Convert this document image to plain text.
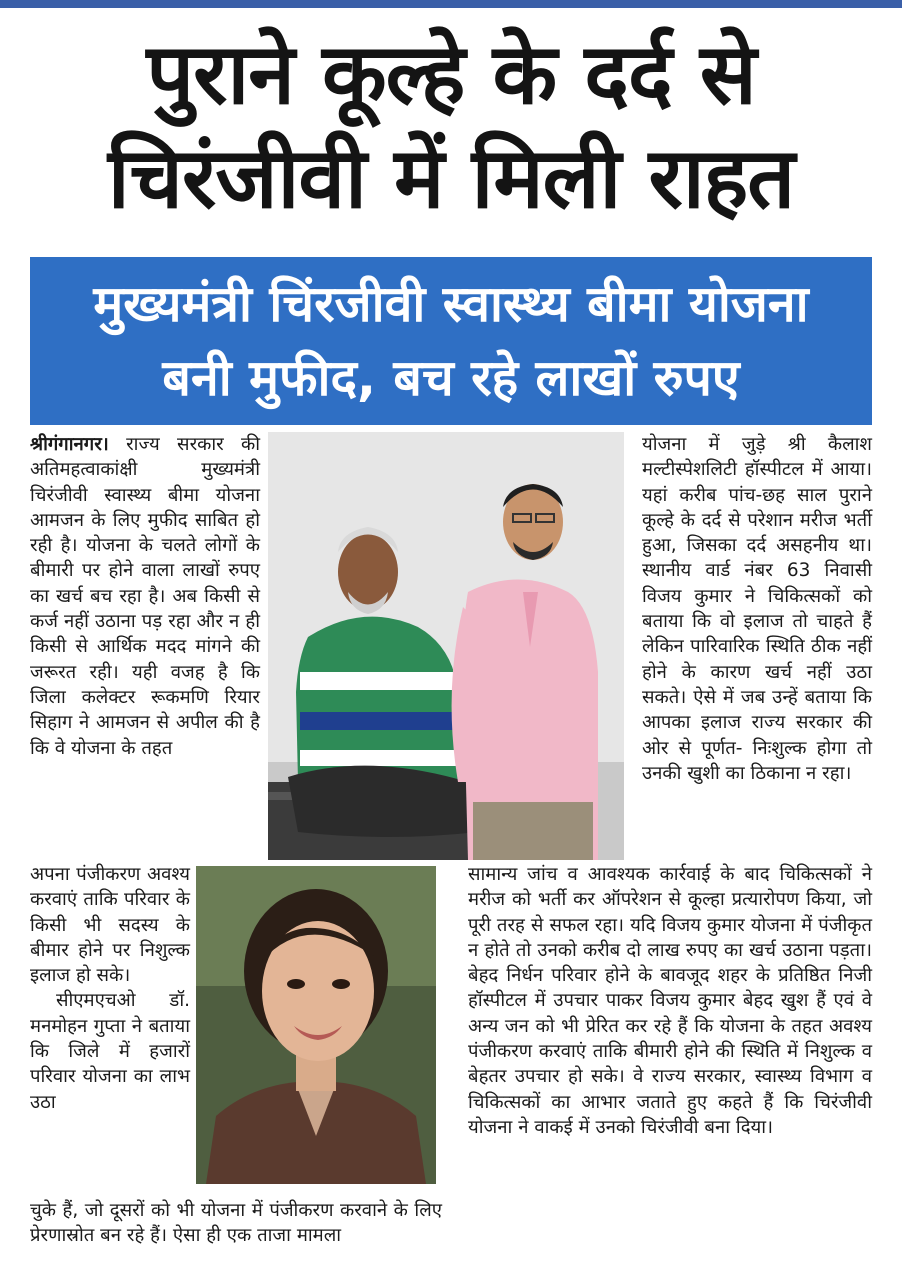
पुराने कूल्हे के दर्द से
चिरंजीवी में मिली राहत
मुख्यमंत्री चिंरजीवी स्वास्थ्य बीमा योजना
बनी मुफीद, बच रहे लाखों रुपए

श्रीगंगानगर। राज्य सरकार की अतिमहत्वाकांक्षी मुख्यमंत्री चिरंजीवी स्वास्थ्य बीमा योजना आमजन के लिए मुफीद साबित हो रही है। योजना के चलते लोगों के बीमारी पर होने वाला लाखों रुपए का खर्च बच रहा है। अब किसी से कर्ज नहीं उठाना पड़ रहा और न ही किसी से आर्थिक मदद मांगने की जरूरत रही। यही वजह है कि जिला कलेक्टर रूकमणि रियार सिहाग ने आमजन से अपील की है कि वे योजना के तहत

अपना पंजीकरण अवश्य करवाएं ताकि परिवार के किसी भी सदस्य के बीमार होने पर निशुल्क इलाज हो सके।

सीएमएचओ डॉ. मनमोहन गुप्ता ने बताया कि जिले में हजारों परिवार योजना का लाभ उठा

चुके हैं, जो दूसरों को भी योजना में पंजीकरण करवाने के लिए प्रेरणास्रोत बन रहे हैं। ऐसा ही एक ताजा मामला

योजना में जुड़े श्री कैलाश मल्टीस्पेशलिटी हॉस्पीटल में आया। यहां करीब पांच-छह साल पुराने कूल्हे के दर्द से परेशान मरीज भर्ती हुआ, जिसका दर्द असहनीय था। स्थानीय वार्ड नंबर 63 निवासी विजय कुमार ने चिकित्सकों को बताया कि वो इलाज तो चाहते हैं लेकिन पारिवारिक स्थिति ठीक नहीं होने के कारण खर्च नहीं उठा सकते। ऐसे में जब उन्हें बताया कि आपका इलाज राज्य सरकार की ओर से पूर्णत- निःशुल्क होगा तो उनकी खुशी का ठिकाना न रहा।

सामान्य जांच व आवश्यक कार्रवाई के बाद चिकित्सकों ने मरीज को भर्ती कर ऑपरेशन से कूल्हा प्रत्यारोपण किया, जो पूरी तरह से सफल रहा। यदि विजय कुमार योजना में पंजीकृत न होते तो उनको करीब दो लाख रुपए का खर्च उठाना पड़ता। बेहद निर्धन परिवार होने के बावजूद शहर के प्रतिष्ठित निजी हॉस्पीटल में उपचार पाकर विजय कुमार बेहद खुश हैं एवं वे अन्य जन को भी प्रेरित कर रहे हैं कि योजना के तहत अवश्य पंजीकरण करवाएं ताकि बीमारी होने की स्थिति में निशुल्क व बेहतर उपचार हो सके। वे राज्य सरकार, स्वास्थ्य विभाग व चिकित्सकों का आभार जताते हुए कहते हैं कि चिरंजीवी योजना ने वाकई में उनको चिरंजीवी बना दिया।
